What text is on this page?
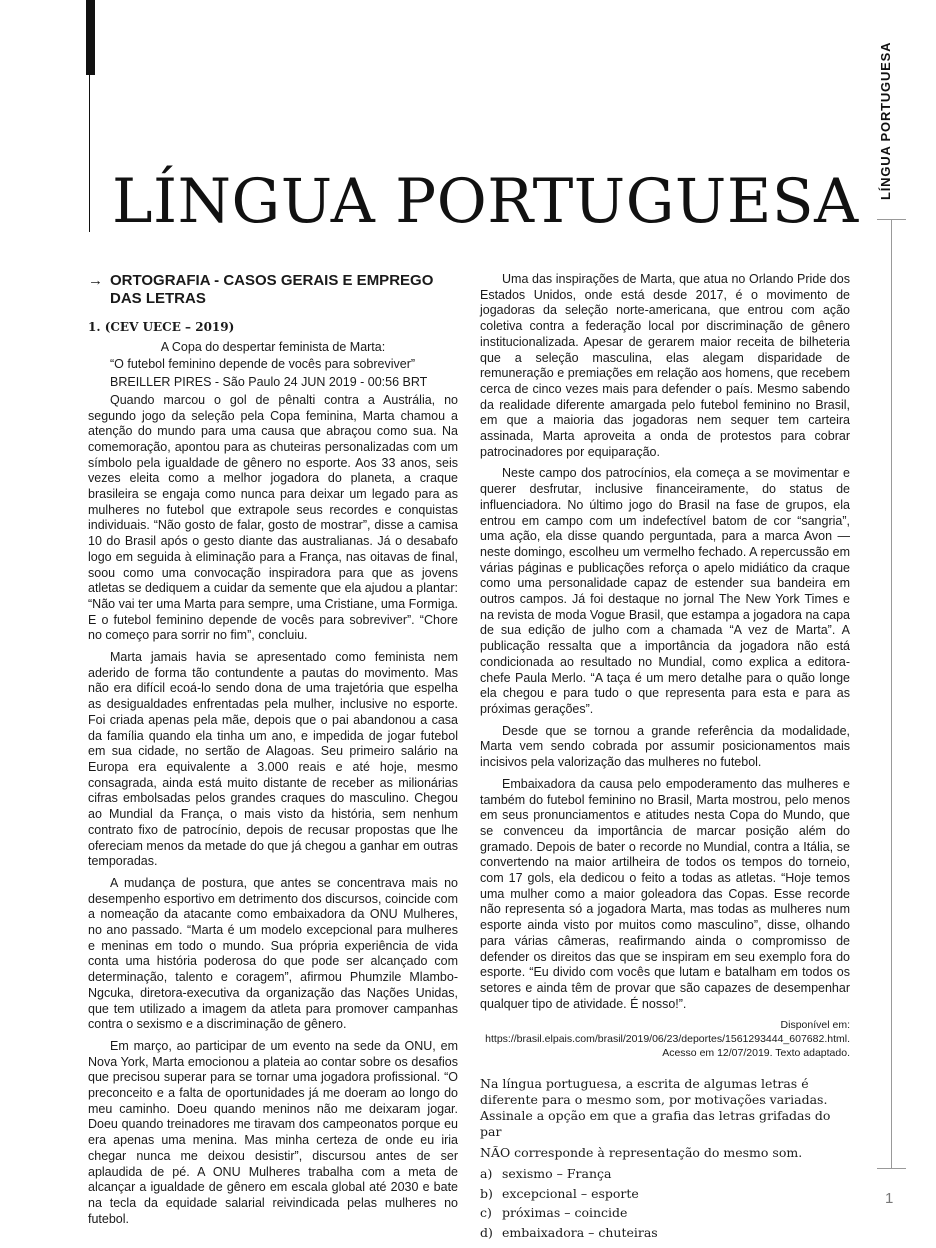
LÍNGUA PORTUGUESA
LÍNGUA PORTUGUESA
1
→ ORTOGRAFIA - CASOS GERAIS E EMPREGO DAS LETRAS
1. (CEV UECE – 2019)
A Copa do despertar feminista de Marta:
“O futebol feminino depende de vocês para sobreviver”
BREILLER PIRES - São Paulo 24 JUN 2019 - 00:56 BRT

Quando marcou o gol de pênalti contra a Austrália, no segundo jogo da seleção pela Copa feminina, Marta chamou a atenção do mundo para uma causa que abraçou como sua. Na comemoração, apontou para as chuteiras personalizadas com um símbolo pela igualdade de gênero no esporte. Aos 33 anos, seis vezes eleita como a melhor jogadora do planeta, a craque brasileira se engaja como nunca para deixar um legado para as mulheres no futebol que extrapole seus recordes e conquistas individuais. “Não gosto de falar, gosto de mostrar”, disse a camisa 10 do Brasil após o gesto diante das australianas. Já o desabafo logo em seguida à eliminação para a França, nas oitavas de final, soou como uma convocação inspiradora para que as jovens atletas se dediquem a cuidar da semente que ela ajudou a plantar: “Não vai ter uma Marta para sempre, uma Cristiane, uma Formiga. E o futebol feminino depende de vocês para sobreviver”. “Chore no começo para sorrir no fim”, concluiu.

Marta jamais havia se apresentado como feminista nem aderido de forma tão contundente a pautas do movimento. Mas não era difícil ecoá-lo sendo dona de uma trajetória que espelha as desigualdades enfrentadas pela mulher, inclusive no esporte. Foi criada apenas pela mãe, depois que o pai abandonou a casa da família quando ela tinha um ano, e impedida de jogar futebol em sua cidade, no sertão de Alagoas. Seu primeiro salário na Europa era equivalente a 3.000 reais e até hoje, mesmo consagrada, ainda está muito distante de receber as milionárias cifras embolsadas pelos grandes craques do masculino. Chegou ao Mundial da França, o mais visto da história, sem nenhum contrato fixo de patrocínio, depois de recusar propostas que lhe ofereciam menos da metade do que já chegou a ganhar em outras temporadas.

A mudança de postura, que antes se concentrava mais no desempenho esportivo em detrimento dos discursos, coincide com a nomeação da atacante como embaixadora da ONU Mulheres, no ano passado. “Marta é um modelo excepcional para mulheres e meninas em todo o mundo. Sua própria experiência de vida conta uma história poderosa do que pode ser alcançado com determinação, talento e coragem”, afirmou Phumzile Mlambo-Ngcuka, diretora-executiva da organização das Nações Unidas, que tem utilizado a imagem da atleta para promover campanhas contra o sexismo e a discriminação de gênero.

Em março, ao participar de um evento na sede da ONU, em Nova York, Marta emocionou a plateia ao contar sobre os desafios que precisou superar para se tornar uma jogadora profissional. “O preconceito e a falta de oportunidades já me doeram ao longo do meu caminho. Doeu quando meninos não me deixaram jogar. Doeu quando treinadores me tiravam dos campeonatos porque eu era apenas uma menina. Mas minha certeza de onde eu iria chegar nunca me deixou desistir”, discursou antes de ser aplaudida de pé. A ONU Mulheres trabalha com a meta de alcançar a igualdade de gênero em escala global até 2030 e bate na tecla da equidade salarial reivindicada pelas mulheres no futebol.

Uma das inspirações de Marta, que atua no Orlando Pride dos Estados Unidos, onde está desde 2017, é o movimento de jogadoras da seleção norte-americana, que entrou com ação coletiva contra a federação local por discriminação de gênero institucionalizada. Apesar de gerarem maior receita de bilheteria que a seleção masculina, elas alegam disparidade de remuneração e premiações em relação aos homens, que recebem cerca de cinco vezes mais para defender o país. Mesmo sabendo da realidade diferente amargada pelo futebol feminino no Brasil, em que a maioria das jogadoras nem sequer tem carteira assinada, Marta aproveita a onda de protestos para cobrar patrocinadores por equiparação.

Neste campo dos patrocínios, ela começa a se movimentar e querer desfrutar, inclusive financeiramente, do status de influenciadora. No último jogo do Brasil na fase de grupos, ela entrou em campo com um indefectível batom de cor “sangria”, uma ação, ela disse quando perguntada, para a marca Avon — neste domingo, escolheu um vermelho fechado. A repercussão em várias páginas e publicações reforça o apelo midiático da craque como uma personalidade capaz de estender sua bandeira em outros campos. Já foi destaque no jornal The New York Times e na revista de moda Vogue Brasil, que estampa a jogadora na capa de sua edição de julho com a chamada “A vez de Marta”. A publicação ressalta que a importância da jogadora não está condicionada ao resultado no Mundial, como explica a editora-chefe Paula Merlo. “A taça é um mero detalhe para o quão longe ela chegou e para tudo o que representa para esta e para as próximas gerações”.

Desde que se tornou a grande referência da modalidade, Marta vem sendo cobrada por assumir posicionamentos mais incisivos pela valorização das mulheres no futebol.

Embaixadora da causa pelo empoderamento das mulheres e também do futebol feminino no Brasil, Marta mostrou, pelo menos em seus pronunciamentos e atitudes nesta Copa do Mundo, que se convenceu da importância de marcar posição além do gramado. Depois de bater o recorde no Mundial, contra a Itália, se convertendo na maior artilheira de todos os tempos do torneio, com 17 gols, ela dedicou o feito a todas as atletas. “Hoje temos uma mulher como a maior goleadora das Copas. Esse recorde não representa só a jogadora Marta, mas todas as mulheres num esporte ainda visto por muitos como masculino”, disse, olhando para várias câmeras, reafirmando ainda o compromisso de defender os direitos das que se inspiram em seu exemplo fora do esporte. “Eu divido com vocês que lutam e batalham em todos os setores e ainda têm de provar que são capazes de desempenhar qualquer tipo de atividade. É nosso!”.

Disponível em: https://brasil.elpais.com/brasil/2019/06/23/deportes/1561293444_607682.html. Acesso em 12/07/2019. Texto adaptado.
Na língua portuguesa, a escrita de algumas letras é diferente para o mesmo som, por motivações variadas. Assinale a opção em que a grafia das letras grifadas do par
NÃO corresponde à representação do mesmo som.
a) sexismo – França
b) excepcional – esporte
c) próximas – coincide
d) embaixadora – chuteiras
